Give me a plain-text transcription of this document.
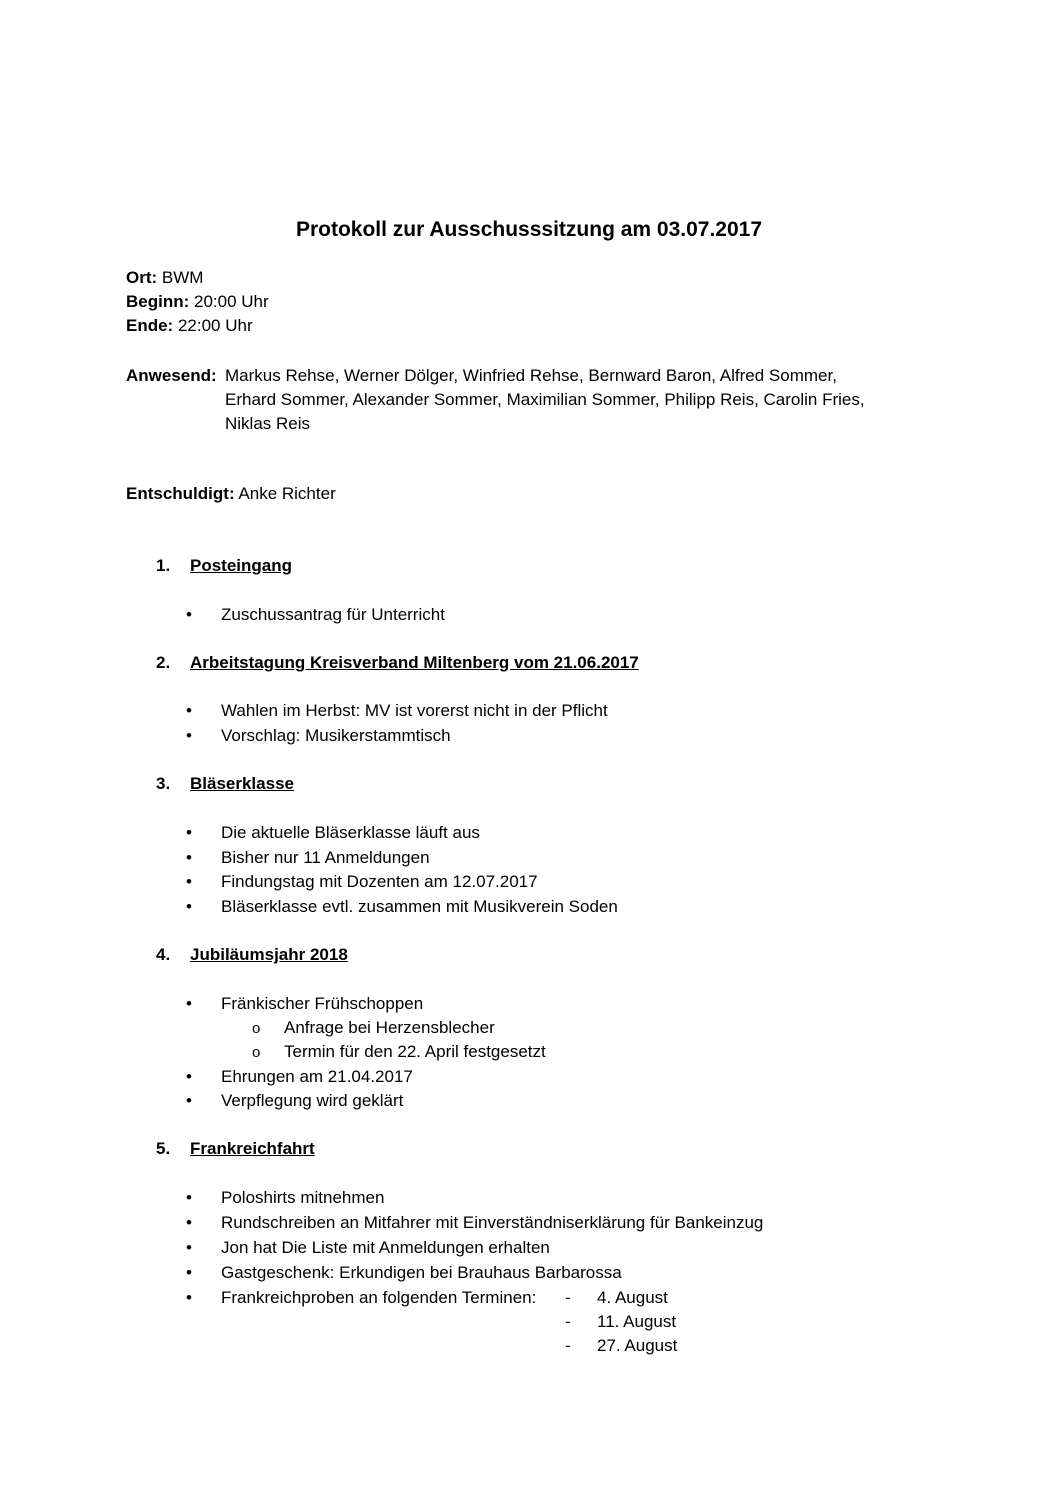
Protokoll zur Ausschusssitzung am 03.07.2017
Ort: BWM
Beginn: 20:00 Uhr
Ende: 22:00 Uhr
Anwesend: Markus Rehse, Werner Dölger, Winfried Rehse, Bernward Baron, Alfred Sommer,
Erhard Sommer, Alexander Sommer, Maximilian Sommer, Philipp Reis, Carolin Fries,
Niklas Reis
Entschuldigt: Anke Richter
1. Posteingang
• Zuschussantrag für Unterricht
2. Arbeitstagung Kreisverband Miltenberg vom 21.06.2017
• Wahlen im Herbst: MV ist vorerst nicht in der Pflicht
• Vorschlag: Musikerstammtisch
3. Bläserklasse
• Die aktuelle Bläserklasse läuft aus
• Bisher nur 11 Anmeldungen
• Findungstag mit Dozenten am 12.07.2017
• Bläserklasse evtl. zusammen mit Musikverein Soden
4. Jubiläumsjahr 2018
• Fränkischer Frühschoppen
o Anfrage bei Herzensblecher
o Termin für den 22. April festgesetzt
• Ehrungen am 21.04.2017
• Verpflegung wird geklärt
5. Frankreichfahrt
• Poloshirts mitnehmen
• Rundschreiben an Mitfahrer mit Einverständniserklärung für Bankeinzug
• Jon hat Die Liste mit Anmeldungen erhalten
• Gastgeschenk: Erkundigen bei Brauhaus Barbarossa
• Frankreichproben an folgenden Terminen: - 4. August
- 11. August
- 27. August
